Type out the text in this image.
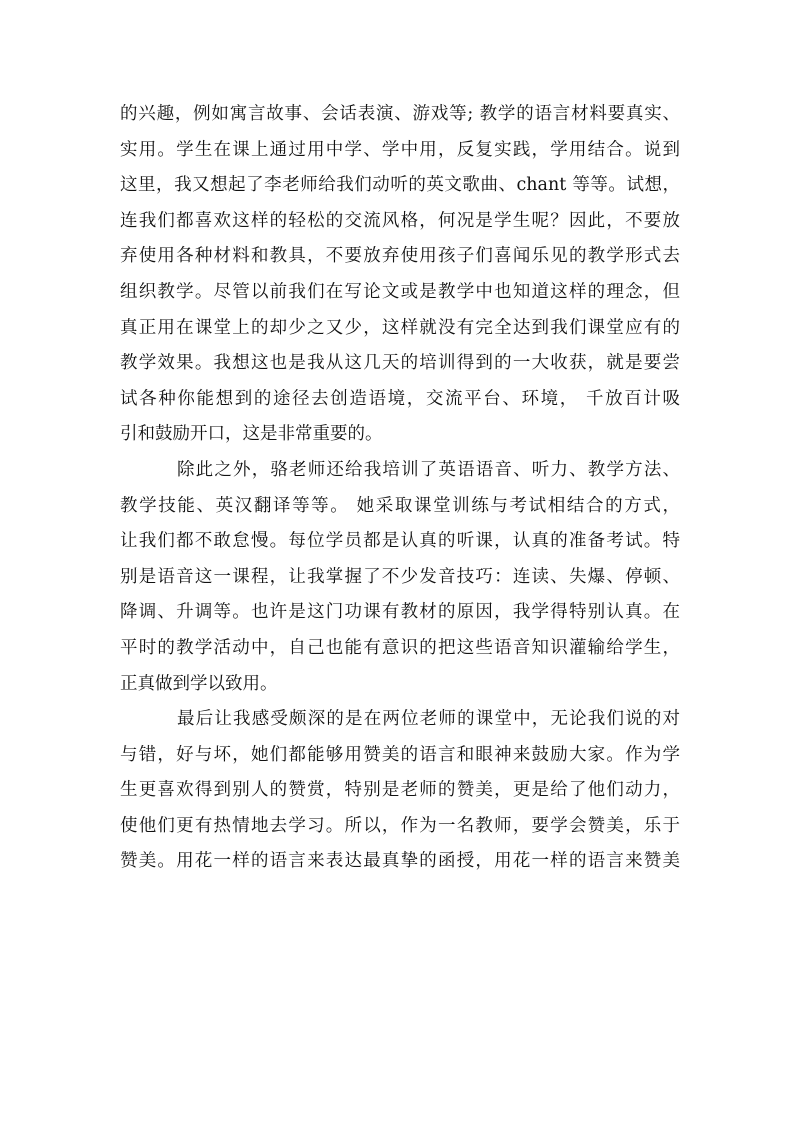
的兴趣，例如寓言故事、会话表演、游戏等; 教学的语言材料要真实、
实用。学生在课上通过用中学、学中用，反复实践，学用结合。说到
这里，我又想起了李老师给我们动听的英文歌曲、chant 等等。试想，
连我们都喜欢这样的轻松的交流风格，何况是学生呢？因此，不要放
弃使用各种材料和教具，不要放弃使用孩子们喜闻乐见的教学形式去
组织教学。尽管以前我们在写论文或是教学中也知道这样的理念，但
真正用在课堂上的却少之又少，这样就没有完全达到我们课堂应有的
教学效果。我想这也是我从这几天的培训得到的一大收获，就是要尝
试各种你能想到的途径去创造语境，交流平台、环境， 千放百计吸
引和鼓励开口，这是非常重要的。
除此之外，骆老师还给我培训了英语语音、听力、教学方法、
教学技能、英汉翻译等等。 她采取课堂训练与考试相结合的方式，
让我们都不敢怠慢。每位学员都是认真的听课，认真的准备考试。特
别是语音这一课程，让我掌握了不少发音技巧：连读、失爆、停顿、
降调、升调等。也许是这门功课有教材的原因，我学得特别认真。在
平时的教学活动中，自己也能有意识的把这些语音知识灌输给学生，
正真做到学以致用。
最后让我感受颇深的是在两位老师的课堂中，无论我们说的对
与错，好与坏，她们都能够用赞美的语言和眼神来鼓励大家。作为学
生更喜欢得到别人的赞赏，特别是老师的赞美，更是给了他们动力，
使他们更有热情地去学习。所以，作为一名教师，要学会赞美，乐于
赞美。用花一样的语言来表达最真挚的函授，用花一样的语言来赞美
